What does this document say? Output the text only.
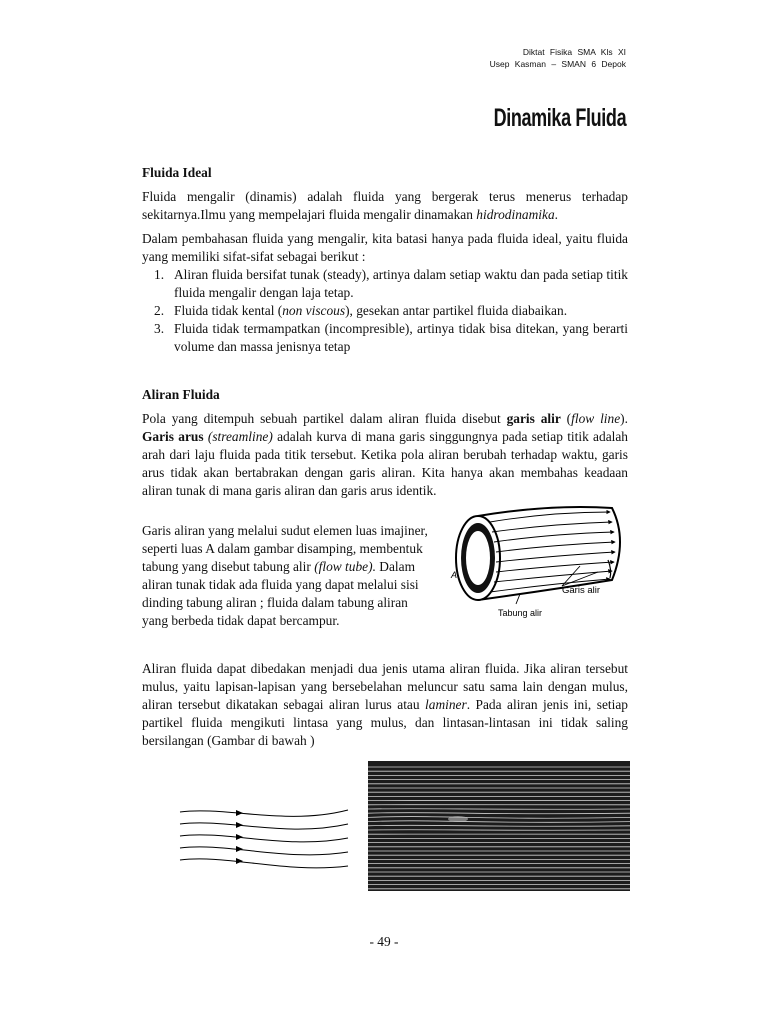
Diktat Fisika SMA Kls XI
Usep Kasman – SMAN 6 Depok
Dinamika Fluida
Fluida Ideal

Fluida mengalir (dinamis) adalah fluida yang bergerak terus menerus terhadap sekitarnya.Ilmu yang mempelajari fluida mengalir dinamakan hidrodinamika.

Dalam pembahasan fluida yang mengalir, kita batasi hanya pada fluida ideal, yaitu fluida yang memiliki sifat-sifat sebagai berikut :

1. Aliran fluida bersifat tunak (steady), artinya dalam setiap waktu dan pada setiap titik fluida mengalir dengan laja tetap.
2. Fluida tidak kental (non viscous), gesekan antar partikel fluida diabaikan.
3. Fluida tidak termampatkan (incompresible), artinya tidak bisa ditekan, yang berarti volume dan massa jenisnya tetap
Aliran Fluida

Pola yang ditempuh sebuah partikel dalam aliran fluida disebut garis alir (flow line). Garis arus (streamline) adalah kurva di mana garis singgungnya pada setiap titik adalah arah dari laju fluida pada titik tersebut. Ketika pola aliran berubah terhadap waktu, garis arus tidak akan bertabrakan dengan garis aliran. Kita hanya akan membahas keadaan aliran tunak di mana garis aliran dan garis arus identik.

Garis aliran yang melalui sudut elemen luas imajiner, seperti luas A dalam gambar disamping, membentuk tabung yang disebut tabung alir (flow tube). Dalam aliran tunak tidak ada fluida yang dapat melalui sisi dinding tabung aliran ; fluida dalam tabung aliran yang berbeda tidak dapat bercampur.

A
Garis alir
Tabung alir

Aliran fluida dapat dibedakan menjadi dua jenis utama aliran fluida. Jika aliran tersebut mulus, yaitu lapisan-lapisan yang bersebelahan meluncur satu sama lain dengan mulus, aliran tersebut dikatakan sebagai aliran lurus atau laminer. Pada aliran jenis ini, setiap partikel fluida mengikuti lintasa yang mulus, dan lintasan-lintasan ini tidak saling bersilangan (Gambar di bawah )

- 49 -
